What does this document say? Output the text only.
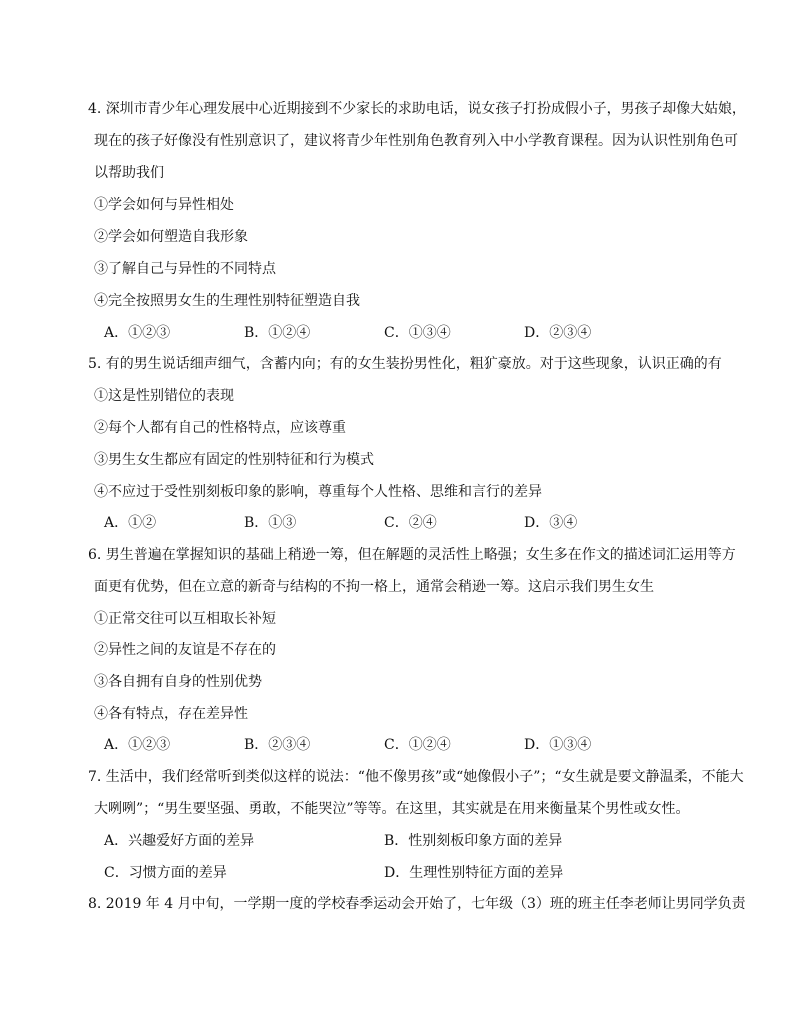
4. 深圳市青少年心理发展中心近期接到不少家长的求助电话，说女孩子打扮成假小子，男孩子却像大姑娘，
现在的孩子好像没有性别意识了，建议将青少年性别角色教育列入中小学教育课程。因为认识性别角色可
以帮助我们
①学会如何与异性相处
②学会如何塑造自我形象
③了解自己与异性的不同特点
④完全按照男女生的生理性别特征塑造自我
A．①②③	B．①②④	C．①③④	D．②③④
5. 有的男生说话细声细气，含蓄内向；有的女生装扮男性化，粗犷豪放。对于这些现象，认识正确的有
①这是性别错位的表现
②每个人都有自己的性格特点，应该尊重
③男生女生都应有固定的性别特征和行为模式
④不应过于受性别刻板印象的影响，尊重每个人性格、思维和言行的差异
A．①②	B．①③	C．②④	D．③④
6. 男生普遍在掌握知识的基础上稍逊一筹，但在解题的灵活性上略强；女生多在作文的描述词汇运用等方
面更有优势，但在立意的新奇与结构的不拘一格上，通常会稍逊一筹。这启示我们男生女生
①正常交往可以互相取长补短
②异性之间的友谊是不存在的
③各自拥有自身的性别优势
④各有特点，存在差异性
A．①②③	B．②③④	C．①②④	D．①③④
7. 生活中，我们经常听到类似这样的说法：“他不像男孩”或“她像假小子”；“女生就是要文静温柔，不能大
大咧咧”；“男生要坚强、勇敢，不能哭泣”等等。在这里，其实就是在用来衡量某个男性或女性。
A．兴趣爱好方面的差异	B．性别刻板印象方面的差异
C．习惯方面的差异	D．生理性别特征方面的差异
8. 2019 年 4 月中旬，一学期一度的学校春季运动会开始了，七年级（3）班的班主任李老师让男同学负责
